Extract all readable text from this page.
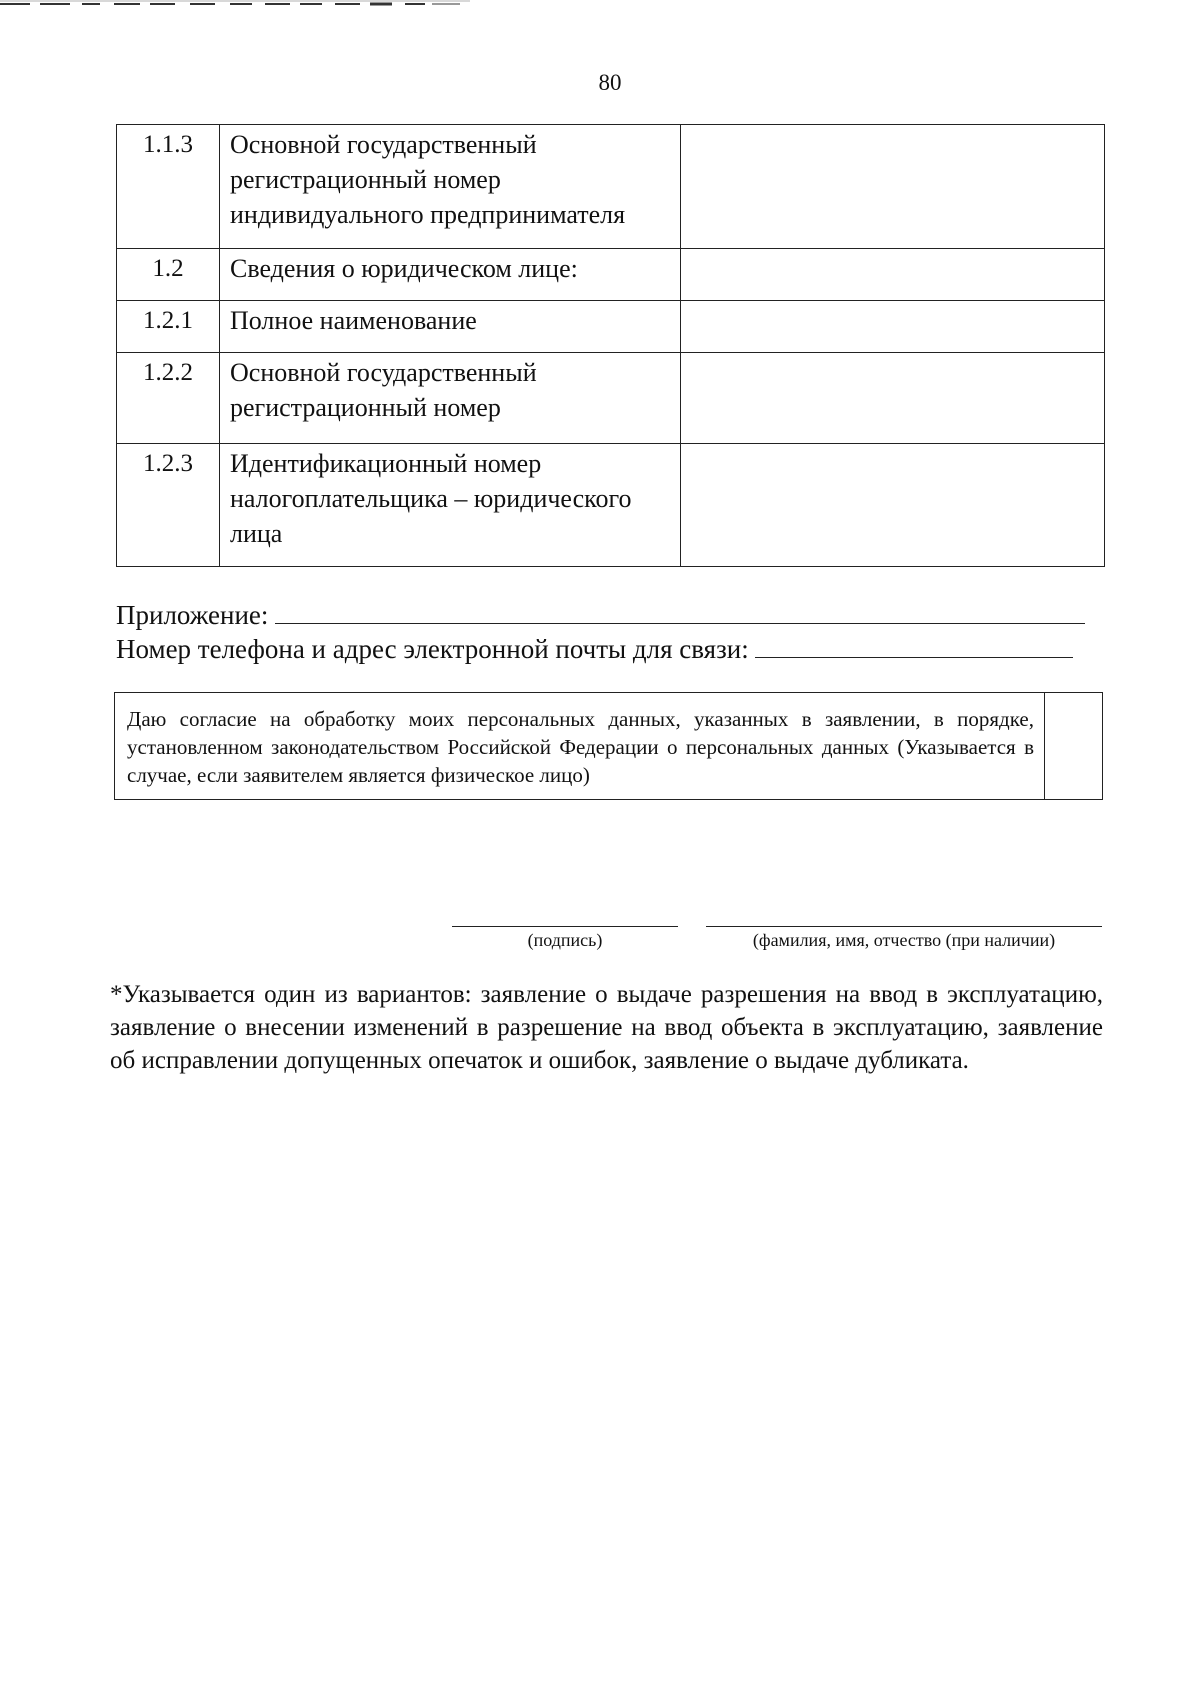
80
1.1.3	Основной государственный регистрационный номер индивидуального предпринимателя	
1.2	Сведения о юридическом лице:	
1.2.1	Полное наименование	
1.2.2	Основной государственный регистрационный номер	
1.2.3	Идентификационный номер налогоплательщика – юридического лица	
Приложение:
Номер телефона и адрес электронной почты для связи:
Даю согласие на обработку моих персональных данных, указанных в заявлении, в порядке, установленном законодательством Российской Федерации о персональных данных (Указывается в случае, если заявителем является физическое лицо)	
(подпись)	(фамилия, имя, отчество (при наличии)
*Указывается один из вариантов: заявление о выдаче разрешения на ввод в эксплуатацию, заявление о внесении изменений в разрешение на ввод объекта в эксплуатацию, заявление об исправлении допущенных опечаток и ошибок, заявление о выдаче дубликата.
